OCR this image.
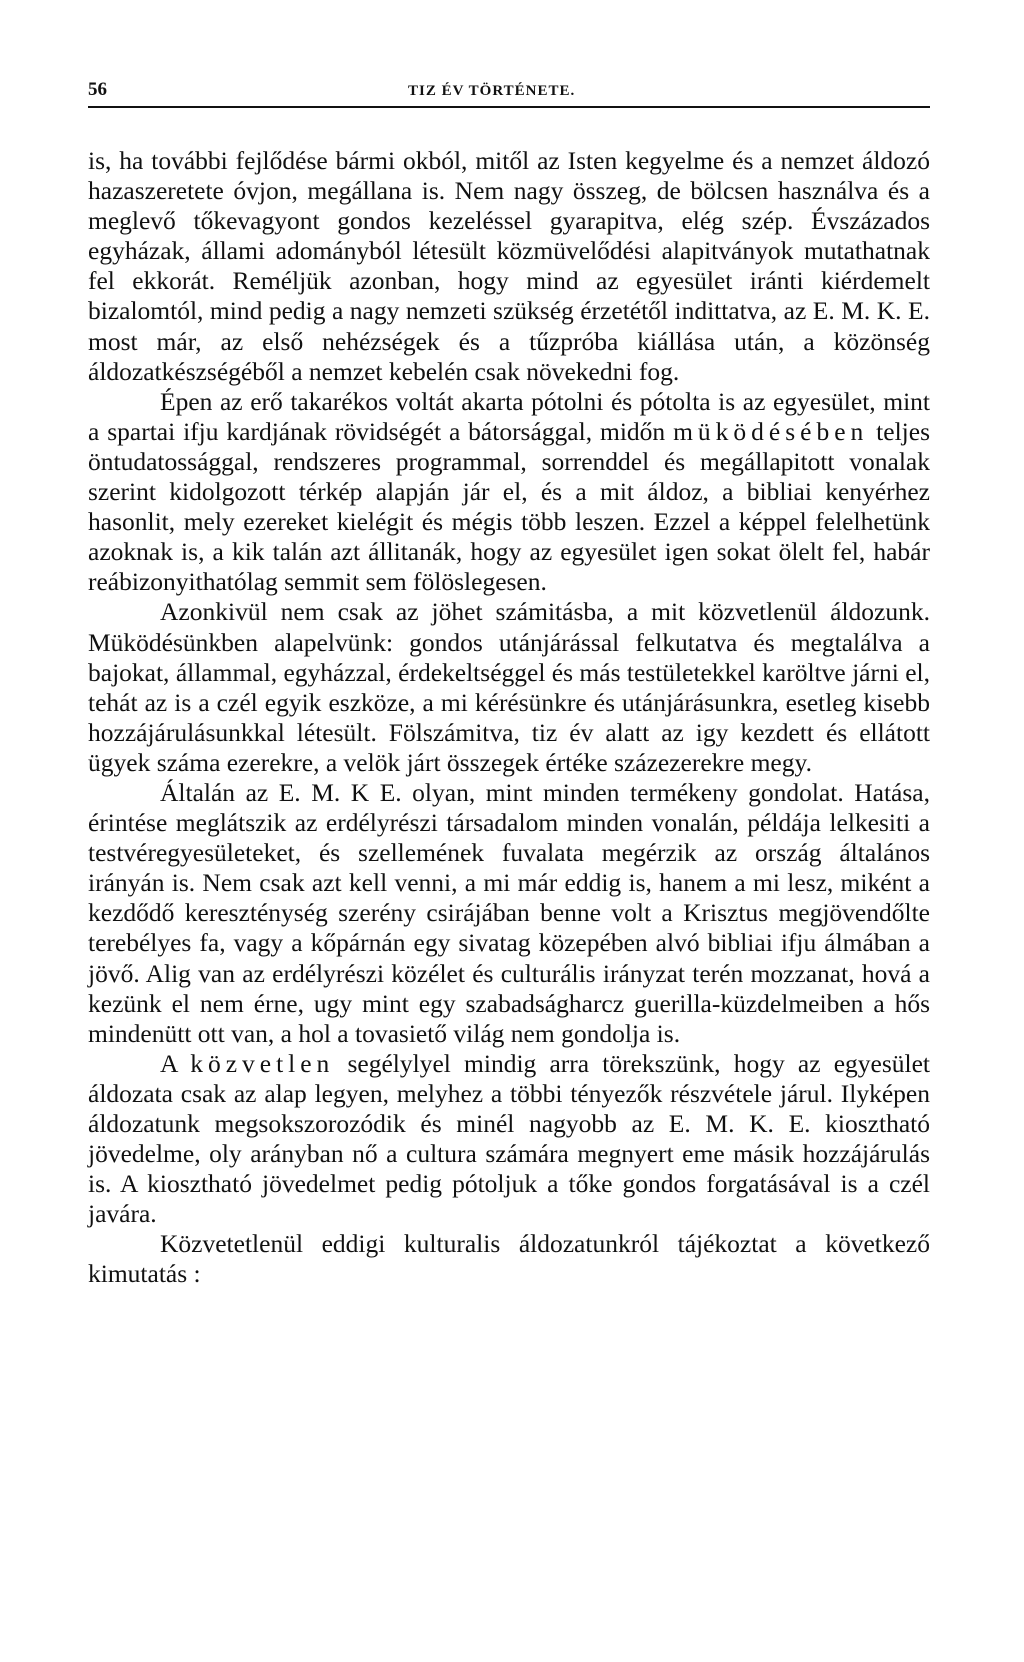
56	TIZ ÉV TÖRTÉNETE.

is, ha további fejlődése bármi okból, mitől az Isten kegyelme és a nemzet áldozó hazaszeretete óvjon, megállana is. Nem nagy összeg, de bölcsen használva és a meglevő tőkevagyont gondos kezeléssel gyarapitva, elég szép. Évszázados egyházak, állami adományból létesült közmüvelődési alapitványok mutathatnak fel ekkorát. Reméljük azonban, hogy mind az egyesület iránti kiérdemelt bizalomtól, mind pedig a nagy nemzeti szükség érzetétől indittatva, az E. M. K. E. most már, az első nehézségek és a tűzpróba kiállása után, a közönség áldozatkészségéből a nemzet kebelén csak növekedni fog.

Épen az erő takarékos voltát akarta pótolni és pótolta is az egyesület, mint a spartai ifju kardjának rövidségét a bátorsággal, midőn müködésében teljes öntudatossággal, rendszeres programmal, sorrenddel és megállapitott vonalak szerint kidolgozott térkép alapján jár el, és a mit áldoz, a bibliai kenyérhez hasonlit, mely ezereket kielégit és mégis több leszen. Ezzel a képpel felelhetünk azoknak is, a kik talán azt állitanák, hogy az egyesület igen sokat ölelt fel, habár reábizonyithatólag semmit sem fölöslegesen.

Azonkivül nem csak az jöhet számitásba, a mit közvetlenül áldozunk. Müködésünkben alapelvünk: gondos utánjárással felkutatva és megtalálva a bajokat, állammal, egyházzal, érdekeltséggel és más testületekkel karöltve járni el, tehát az is a czél egyik eszköze, a mi kérésünkre és utánjárásunkra, esetleg kisebb hozzájárulásunkkal létesült. Fölszámitva, tiz év alatt az igy kezdett és ellátott ügyek száma ezerekre, a velök járt összegek értéke százezerekre megy.

Általán az E. M. K E. olyan, mint minden termékeny gondolat. Hatása, érintése meglátszik az erdélyrészi társadalom minden vonalán, példája lelkesiti a testvéregyesületeket, és szellemének fuvalata megérzik az ország általános irányán is. Nem csak azt kell venni, a mi már eddig is, hanem a mi lesz, miként a kezdődő kereszténység szerény csirájában benne volt a Krisztus megjövendőlte terebélyes fa, vagy a kőpárnán egy sivatag közepében alvó bibliai ifju álmában a jövő. Alig van az erdélyrészi közélet és culturális irányzat terén mozzanat, hová a kezünk el nem érne, ugy mint egy szabadságharcz guerilla-küzdelmeiben a hős mindenütt ott van, a hol a tovasiető világ nem gondolja is.

A közvetlen segélylyel mindig arra törekszünk, hogy az egyesület áldozata csak az alap legyen, melyhez a többi tényezők részvétele járul. Ilyképen áldozatunk megsokszorozódik és minél nagyobb az E. M. K. E. kiosztható jövedelme, oly arányban nő a cultura számára megnyert eme másik hozzájárulás is. A kiosztható jövedelmet pedig pótoljuk a tőke gondos forgatásával is a czél javára.

Közvetetlenül eddigi kulturalis áldozatunkról tájékoztat a következő kimutatás :
